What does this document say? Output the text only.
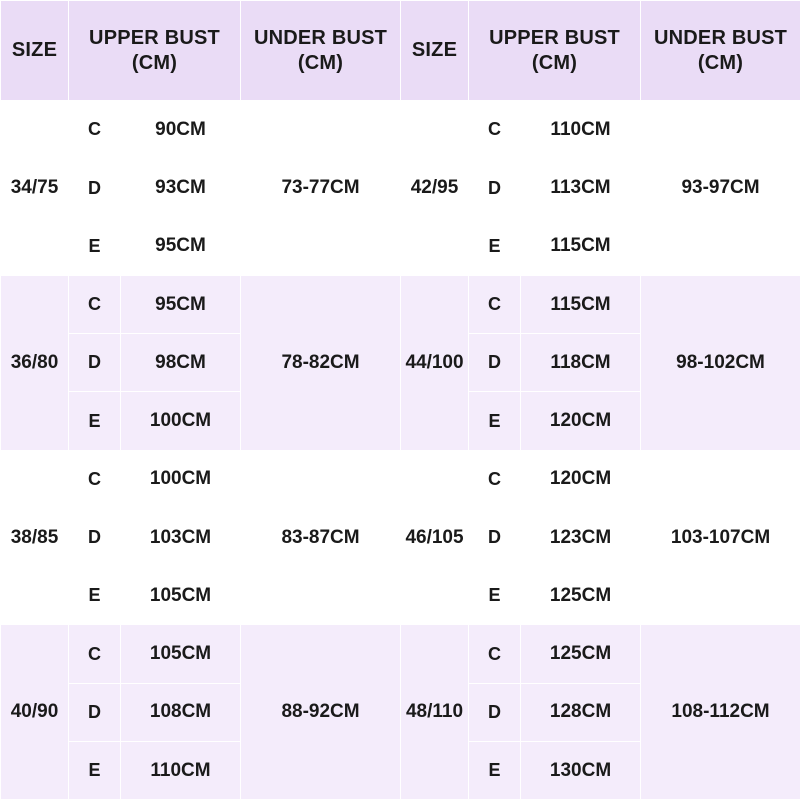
SIZE	UPPER BUST (CM)		UNDER BUST (CM)	SIZE	UPPER BUST (CM)		UNDER BUST (CM)
34/75	C	90CM	73-77CM	42/95	C	110CM	93-97CM
	D	93CM			D	113CM	
	E	95CM			E	115CM	
36/80	C	95CM	78-82CM	44/100	C	115CM	98-102CM
	D	98CM			D	118CM	
	E	100CM			E	120CM	
38/85	C	100CM	83-87CM	46/105	C	120CM	103-107CM
	D	103CM			D	123CM	
	E	105CM			E	125CM	
40/90	C	105CM	88-92CM	48/110	C	125CM	108-112CM
	D	108CM			D	128CM	
	E	110CM			E	130CM	
